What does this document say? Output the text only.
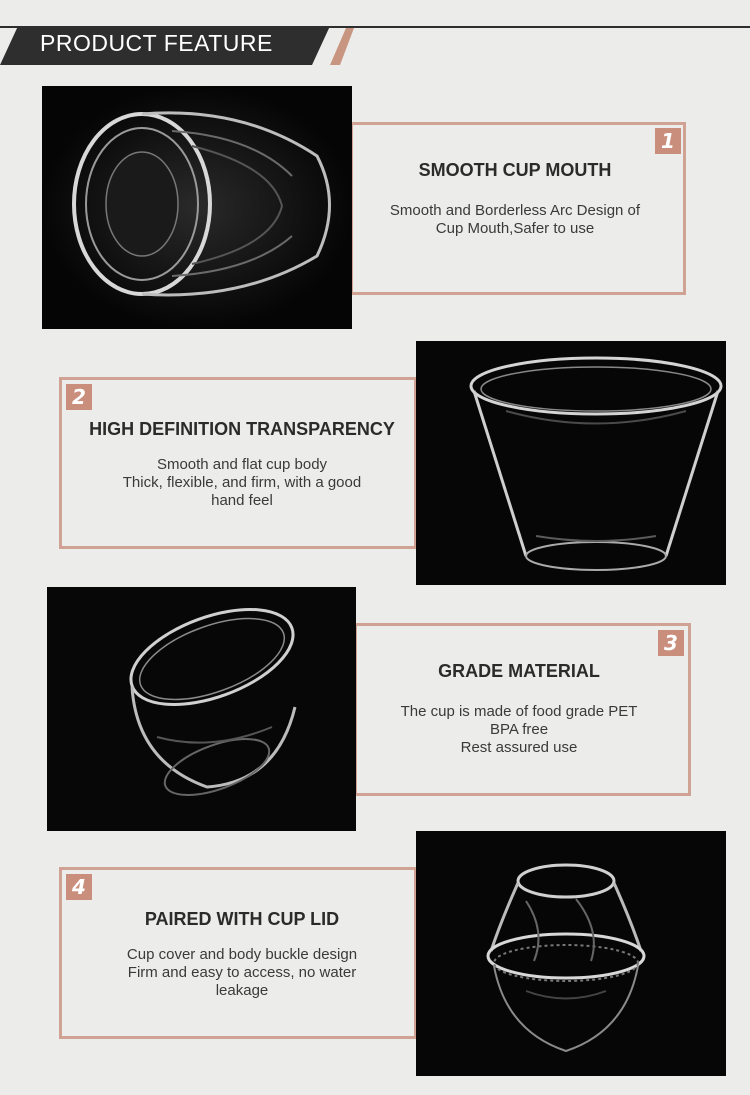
PRODUCT FEATURE
1
SMOOTH CUP MOUTH
Smooth and Borderless Arc Design of
Cup Mouth,Safer to use
2
HIGH DEFINITION TRANSPARENCY
Smooth and flat cup body
Thick, flexible, and firm, with a good
hand feel
3
GRADE MATERIAL
The cup is made of food grade PET
BPA free
Rest assured use
4
PAIRED WITH CUP LID
Cup cover and body buckle design
Firm and easy to access, no water
leakage
